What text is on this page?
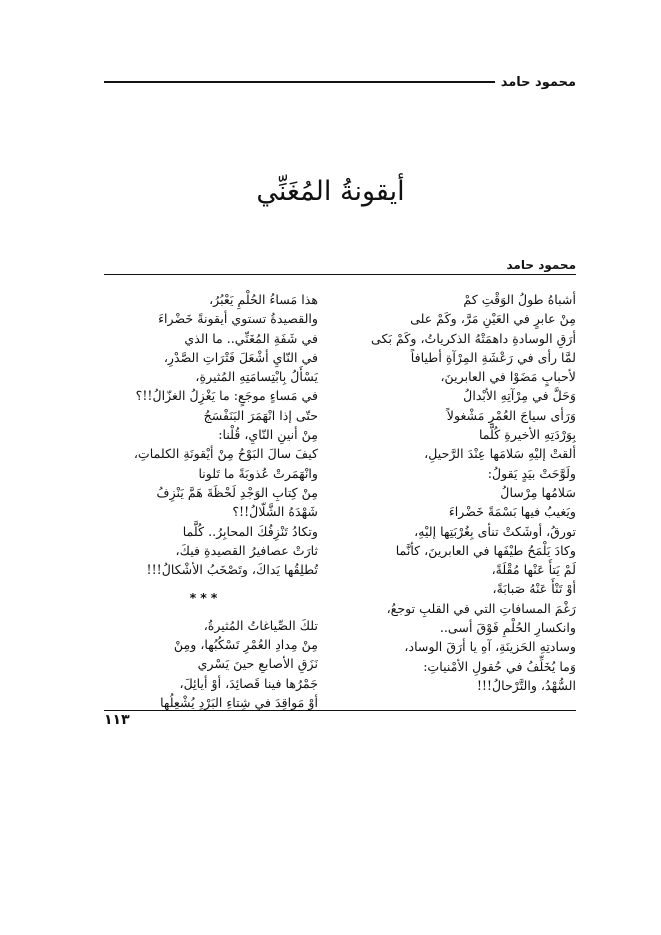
محمود حامد
أيقونةُ المُغَنِّي
محمود حامد
أشباهُ طولُ الوَقْتِ كمْ
مِنْ عابرٍ في العَيْنِ مَرَّ، وكَمْ على
أرَقِ الوسادةِ داهمَتْهُ الذكرياتُ، وكَمْ بَكى
لمَّا رأى في رَعْشَةِ المِرْآةِ أطيافاً
لأحبابٍ مَضَوْا في العابرينَ،
وَحَلَّ في مِرْآتِهِ الأبْدالُ
وَرَأى سياجَ العُمْرِ مَشْغولاً
بِوَرْدَتِهِ الأخيرةِ كُلَّما
ألقتْ إليْهِ سَلامَها عِنْدَ الرَّحيلِ،
ولَوَّحَتْ بيَدٍ يَقولُ:
سَلامُها مِرْسالُ
ويَغيبُ فيها بَسْمَةً خَضْراءَ
تورقُ، أوشَكتْ تنأى بِغُرْبَتِها إليْهِ،
وكادَ يَلْمَحُ طيْفَها في العابرينَ، كأنَّما
لَمْ يَتأَ عَنْها مُقْلَةً،
أوْ تَنْأَ عَنْهُ صَبابَةً،
رَغْمَ المسافاتِ التي في القلبِ توجعُ،
وانكسارِ الحُلْمِ فَوْقَ أسى..
وسادتِهِ الحَزينَةِ، آهِ يا أرَقَ الوساد،
وَما يُخَلِّفُ في حُقولِ الأمْنياتِ:
السُّهْدُ، والتَّرْحالُ!!!
هذا مَساءُ الحُلْمِ يَعْبُرُ،
والقصيدةُ تستوي أيقونةً خَضْراءَ
في شَفَةِ المُغَنِّي.. ما الذي
في النّايِ أشْعَلَ فَتْرَاتِ الصَّدْرِ،
يَسْأَلُ بِابْتِسامَتِهِ المُثيرةِ،
في مَساءٍ موجَعٍ: ما يَغْزِلُ الغزّالُ!!؟
حتّى إذا انْهَمَرَ البَنَفْسَجُ
مِنْ أنينِ النّايِ، قُلْنا:
كيفَ سالَ البَوْحُ مِنْ أيْقونَةِ الكلماتِ،
وانْهَمَرتْ عُذوبَةً ما تَلونا
مِنْ كِتابِ الوَجْدِ لَحْظَةَ هَمَّ يَنْزِفُ
شَهْدَهُ الشَّلّالُ!!؟
وتكادُ تَنْزِفُكَ المحابِرُ.. كُلَّما
ثارَتْ عصافيرُ القصيدةِ فيكَ،
تُطلِقُها يَداكَ، وتَصْخَبُ الأشْكالُ!!!
***
تلكَ الصِّياغاتُ المُثيرةُ،
مِنْ مِدادِ العُمْرِ تَسْكُبُها، ومِنْ
نَزَقِ الأصابعِ حينَ يَسْري
جَمْرُها فينا قَصائِدَ، أوْ أيائِلَ،
أوْ مَواقِدَ في شِتاءِ البَرْدِ يُشْعِلُها
١١٣
